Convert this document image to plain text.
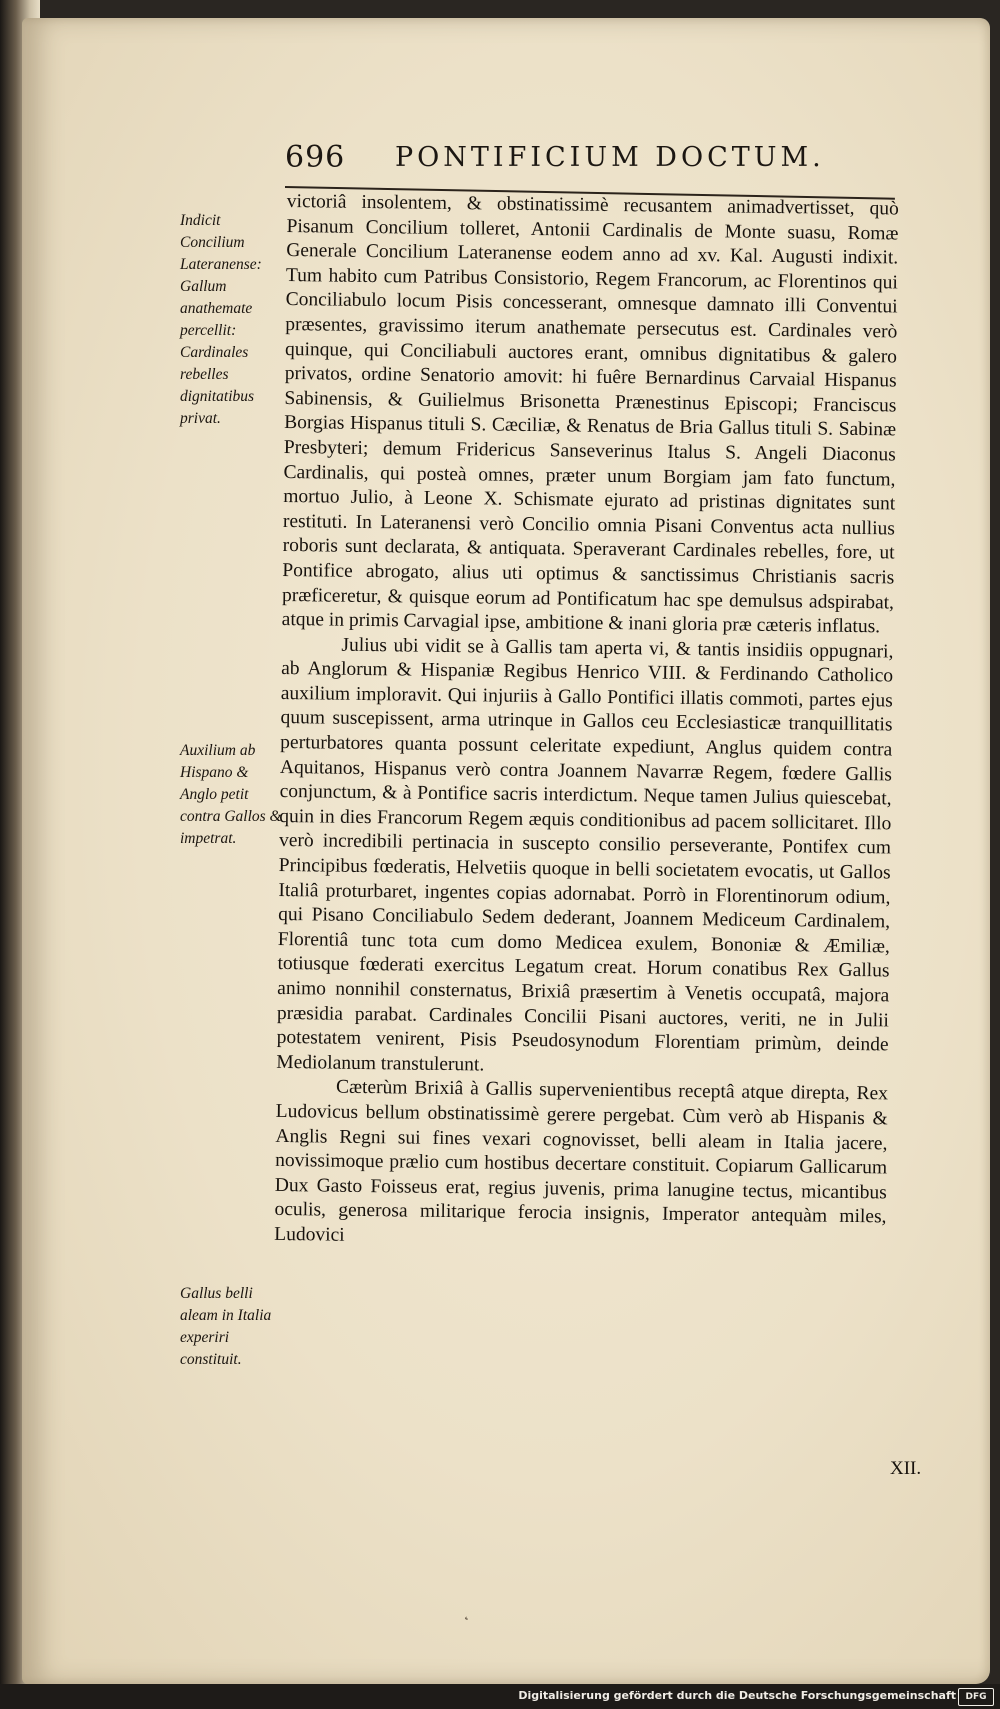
696 PONTIFICIUM DOCTUM.
Indicit Concilium Lateranense: Gallum anathemate percellit: Cardinales rebelles dignitatibus privat.
Auxilium ab Hispano & Anglo petit contra Gallos & impetrat.
Gallus belli aleam in Italia experiri constituit.

victoriâ insolentem, & obstinatissimè recusantem animadvertisset, quò Pisanum Concilium tolleret, Antonii Cardinalis de Monte suasu, Romæ Generale Concilium Lateranense eodem anno ad xv. Kal. Augusti indixit. Tum habito cum Patribus Consistorio, Regem Francorum, ac Florentinos qui Conciliabulo locum Pisis concesserant, omnesque damnato illi Conventui præsentes, gravissimo iterum anathemate persecutus est. Cardinales verò quinque, qui Conciliabuli auctores erant, omnibus dignitatibus & galero privatos, ordine Senatorio amovit: hi fuêre Bernardinus Carvaial Hispanus Sabinensis, & Guilielmus Brisonetta Prænestinus Episcopi; Franciscus Borgias Hispanus tituli S. Cæciliæ, & Renatus de Bria Gallus tituli S. Sabinæ Presbyteri; demum Fridericus Sanseverinus Italus S. Angeli Diaconus Cardinalis, qui posteà omnes, præter unum Borgiam jam fato functum, mortuo Julio, à Leone X. Schismate ejurato ad pristinas dignitates sunt restituti. In Lateranensi verò Concilio omnia Pisani Conventus acta nullius roboris sunt declarata, & antiquata. Speraverant Cardinales rebelles, fore, ut Pontifice abrogato, alius uti optimus & sanctissimus Christianis sacris præficeretur, & quisque eorum ad Pontificatum hac spe demulsus adspirabat, atque in primis Carvagial ipse, ambitione & inani gloria præ cæteris inflatus.

Julius ubi vidit se à Gallis tam aperta vi, & tantis insidiis oppugnari, ab Anglorum & Hispaniæ Regibus Henrico VIII. & Ferdinando Catholico auxilium imploravit. Qui injuriis à Gallo Pontifici illatis commoti, partes ejus quum suscepissent, arma utrinque in Gallos ceu Ecclesiasticæ tranquillitatis perturbatores quanta possunt celeritate expediunt, Anglus quidem contra Aquitanos, Hispanus verò contra Joannem Navarræ Regem, fœdere Gallis conjunctum, & à Pontifice sacris interdictum. Neque tamen Julius quiescebat, quin in dies Francorum Regem æquis conditionibus ad pacem sollicitaret. Illo verò incredibili pertinacia in suscepto consilio perseverante, Pontifex cum Principibus fœderatis, Helvetiis quoque in belli societatem evocatis, ut Gallos Italiâ proturbaret, ingentes copias adornabat. Porrò in Florentinorum odium, qui Pisano Conciliabulo Sedem dederant, Joannem Mediceum Cardinalem, Florentiâ tunc tota cum domo Medicea exulem, Bononiæ & Æmiliæ, totiusque fœderati exercitus Legatum creat. Horum conatibus Rex Gallus animo nonnihil consternatus, Brixiâ præsertim à Venetis occupatâ, majora præsidia parabat. Cardinales Concilii Pisani auctores, veriti, ne in Julii potestatem venirent, Pisis Pseudosynodum Florentiam primùm, deinde Mediolanum transtulerunt.

Cæterùm Brixiâ à Gallis supervenientibus receptâ atque direpta, Rex Ludovicus bellum obstinatissimè gerere pergebat. Cùm verò ab Hispanis & Anglis Regni sui fines vexari cognovisset, belli aleam in Italia jacere, novissimoque prælio cum hostibus decertare constituit. Copiarum Gallicarum Dux Gasto Foisseus erat, regius juvenis, prima lanugine tectus, micantibus oculis, generosa militarique ferocia insignis, Imperator antequàm miles, Ludovici

XII.
˛
Digitalisierung gefördert durch die Deutsche Forschungsgemeinschaft	DFG
